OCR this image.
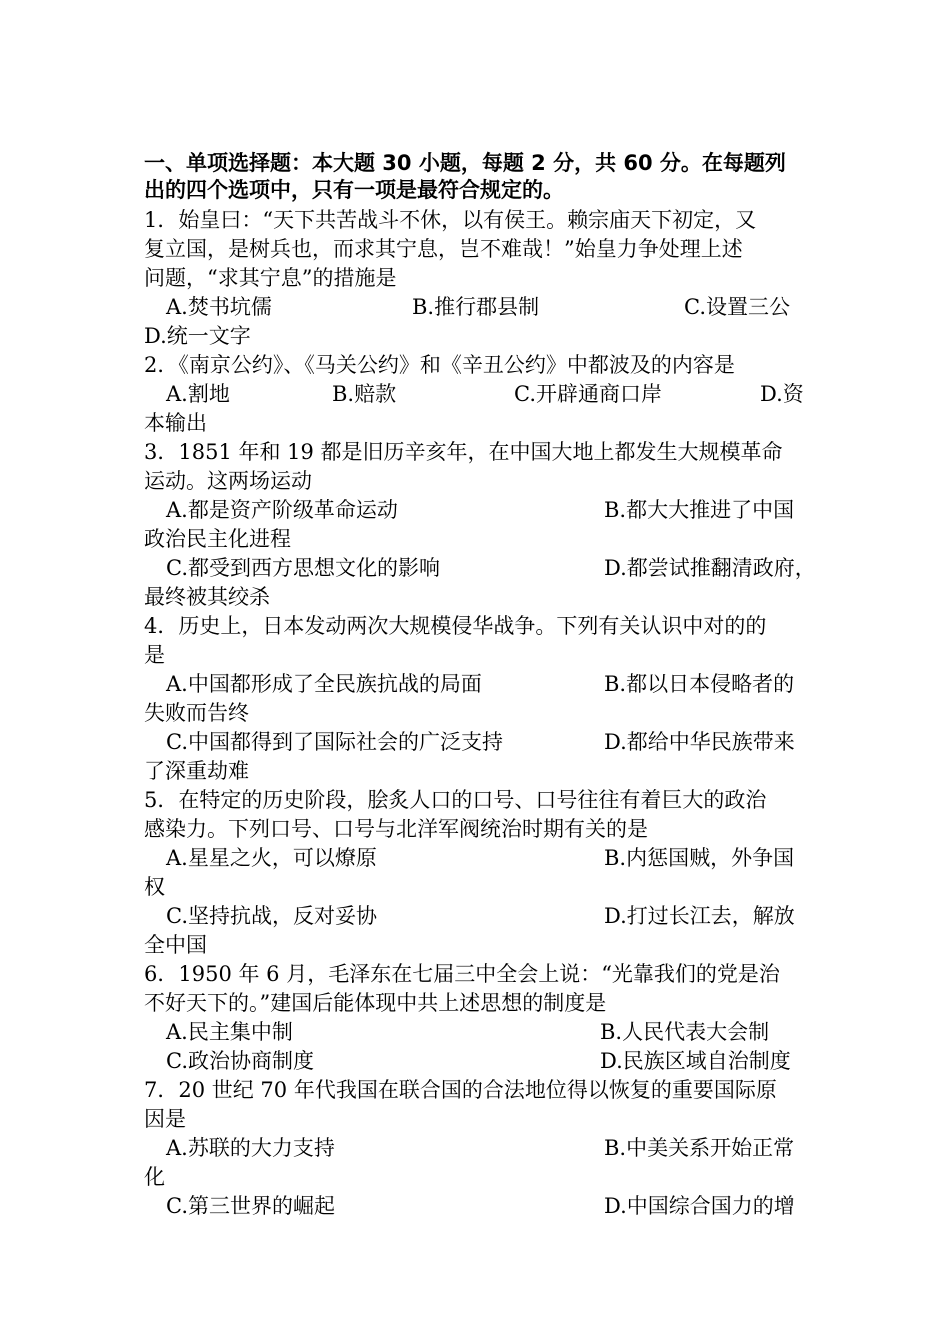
一、单项选择题：本大题 30 小题，每题 2 分，共 60 分。在每题列
出的四个选项中，只有一项是最符合规定的。
1．始皇曰：“天下共苦战斗不休，以有侯王。赖宗庙天下初定，又
复立国，是树兵也，而求其宁息，岂不难哉！”始皇力争处理上述
问题，“求其宁息”的措施是
A.焚书坑儒	B.推行郡县制	C.设置三公
D.统一文字
2．《南京公约》、《马关公约》和《辛丑公约》中都波及的内容是
A.割地	B.赔款	C.开辟通商口岸	D.资
本输出
3．1851 年和 19 都是旧历辛亥年，在中国大地上都发生大规模革命
运动。这两场运动
A.都是资产阶级革命运动	B.都大大推进了中国
政治民主化进程
C.都受到西方思想文化的影响	D.都尝试推翻清政府，
最终被其绞杀
4．历史上，日本发动两次大规模侵华战争。下列有关认识中对的的
是
A.中国都形成了全民族抗战的局面	B.都以日本侵略者的
失败而告终
C.中国都得到了国际社会的广泛支持	D.都给中华民族带来
了深重劫难
5．在特定的历史阶段，脍炙人口的口号、口号往往有着巨大的政治
感染力。下列口号、口号与北洋军阀统治时期有关的是
A.星星之火，可以燎原	B.内惩国贼，外争国
权
C.坚持抗战，反对妥协	D.打过长江去，解放
全中国
6．1950 年 6 月，毛泽东在七届三中全会上说：“光靠我们的党是治
不好天下的。”建国后能体现中共上述思想的制度是
A.民主集中制	B.人民代表大会制
C.政治协商制度	D.民族区域自治制度
7．20 世纪 70 年代我国在联合国的合法地位得以恢复的重要国际原
因是
A.苏联的大力支持	B.中美关系开始正常
化
C.第三世界的崛起	D.中国综合国力的增
